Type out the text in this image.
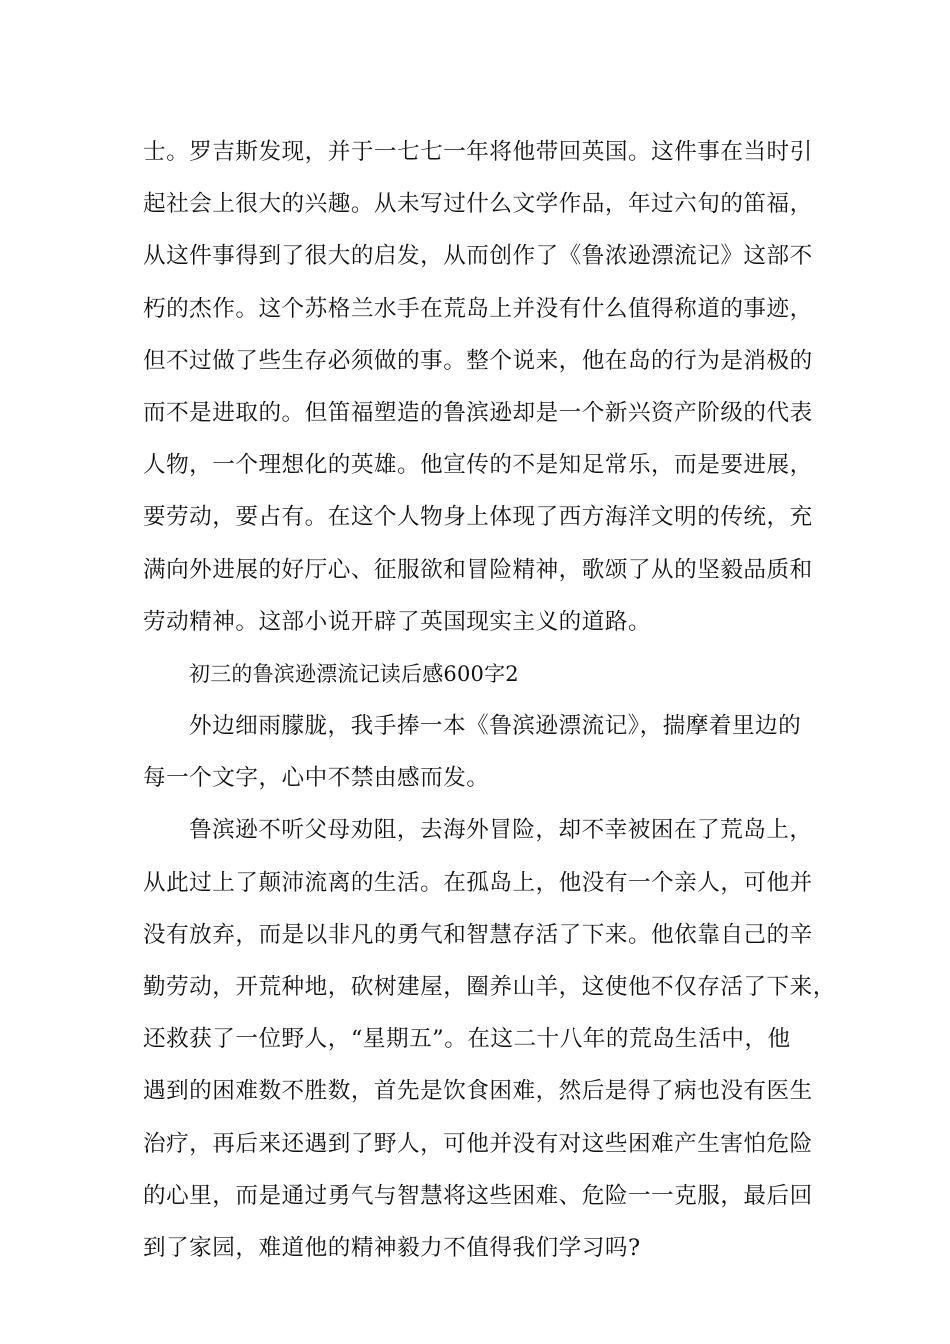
士。罗吉斯发现，并于一七七一年将他带回英国。这件事在当时引
起社会上很大的兴趣。从未写过什么文学作品，年过六旬的笛福，
从这件事得到了很大的启发，从而创作了《鲁浓逊漂流记》这部不
朽的杰作。这个苏格兰水手在荒岛上并没有什么值得称道的事迹，
但不过做了些生存必须做的事。整个说来，他在岛的行为是消极的
而不是进取的。但笛福塑造的鲁滨逊却是一个新兴资产阶级的代表
人物，一个理想化的英雄。他宣传的不是知足常乐，而是要进展，
要劳动，要占有。在这个人物身上体现了西方海洋文明的传统，充
满向外进展的好厅心、征服欲和冒险精神，歌颂了从的坚毅品质和
劳动精神。这部小说开辟了英国现实主义的道路。
初三的鲁滨逊漂流记读后感600字2
外边细雨朦胧，我手捧一本《鲁滨逊漂流记》，揣摩着里边的
每一个文字，心中不禁由感而发。
鲁滨逊不听父母劝阻，去海外冒险，却不幸被困在了荒岛上，
从此过上了颠沛流离的生活。在孤岛上，他没有一个亲人，可他并
没有放弃，而是以非凡的勇气和智慧存活了下来。他依靠自己的辛
勤劳动，开荒种地，砍树建屋，圈养山羊，这使他不仅存活了下来，
还救获了一位野人，“星期五”。在这二十八年的荒岛生活中，他
遇到的困难数不胜数，首先是饮食困难，然后是得了病也没有医生
治疗，再后来还遇到了野人，可他并没有对这些困难产生害怕危险
的心里，而是通过勇气与智慧将这些困难、危险一一克服，最后回
到了家园，难道他的精神毅力不值得我们学习吗?
